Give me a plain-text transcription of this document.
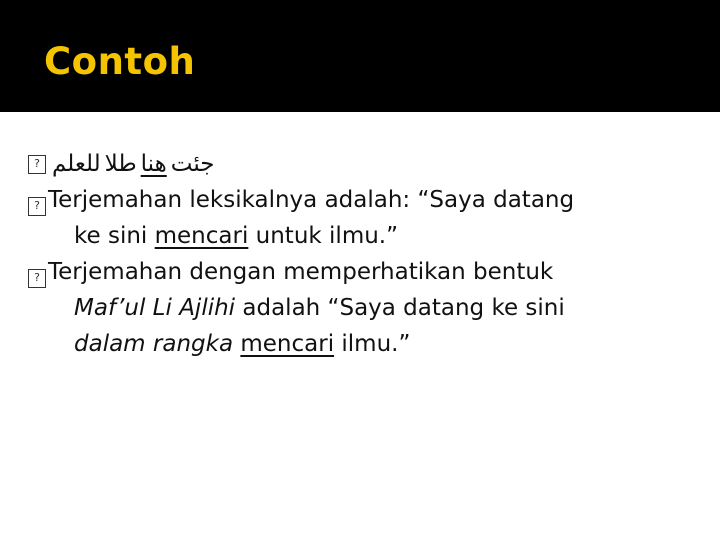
Contoh
? للعلم طلا هنا جئت
? Terjemahan leksikalnya adalah: “Saya datang
ke sini mencari untuk ilmu.”
? Terjemahan dengan memperhatikan bentuk
Maf’ul Li Ajlihi adalah “Saya datang ke sini
dalam rangka mencari ilmu.”
